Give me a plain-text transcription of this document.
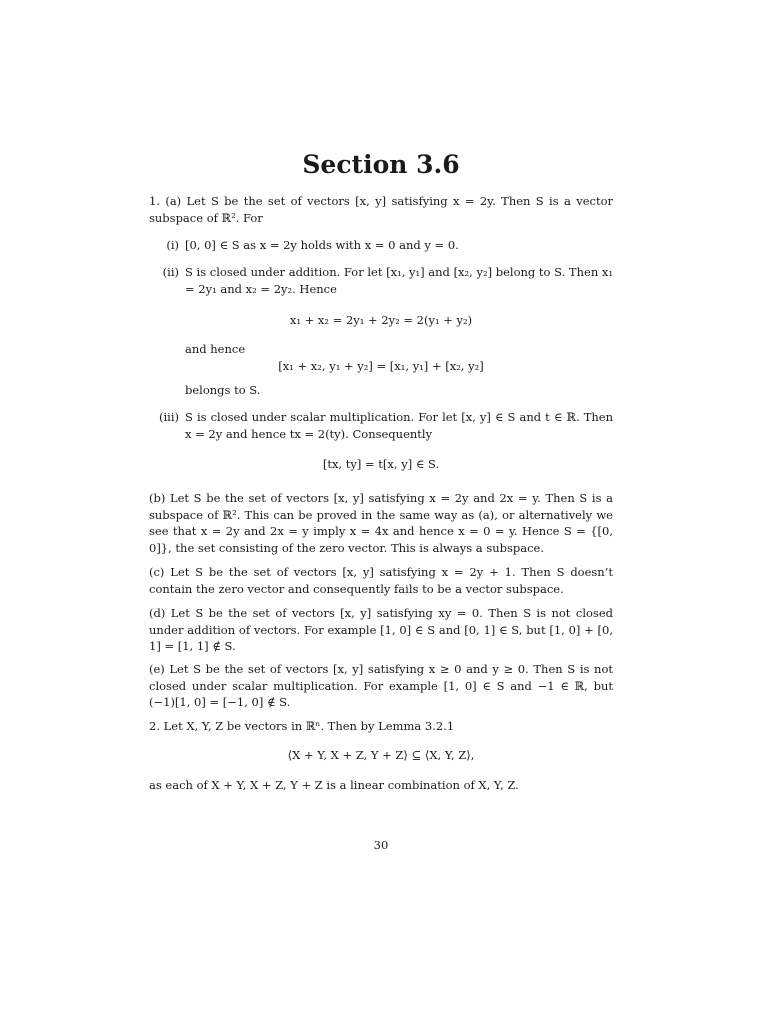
Section 3.6
1. (a) Let S be the set of vectors [x, y] satisfying x = 2y. Then S is a vector subspace of ℝ². For
(i) [0, 0] ∈ S as x = 2y holds with x = 0 and y = 0.
(ii) S is closed under addition. For let [x₁, y₁] and [x₂, y₂] belong to S. Then x₁ = 2y₁ and x₂ = 2y₂. Hence
x₁ + x₂ = 2y₁ + 2y₂ = 2(y₁ + y₂)
and hence
[x₁ + x₂, y₁ + y₂] = [x₁, y₁] + [x₂, y₂]
belongs to S.
(iii) S is closed under scalar multiplication. For let [x, y] ∈ S and t ∈ ℝ. Then x = 2y and hence tx = 2(ty). Consequently
[tx, ty] = t[x, y] ∈ S.
(b) Let S be the set of vectors [x, y] satisfying x = 2y and 2x = y. Then S is a subspace of ℝ². This can be proved in the same way as (a), or alternatively we see that x = 2y and 2x = y imply x = 4x and hence x = 0 = y. Hence S = {[0, 0]}, the set consisting of the zero vector. This is always a subspace.
(c) Let S be the set of vectors [x, y] satisfying x = 2y + 1. Then S doesn’t contain the zero vector and consequently fails to be a vector subspace.
(d) Let S be the set of vectors [x, y] satisfying xy = 0. Then S is not closed under addition of vectors. For example [1, 0] ∈ S and [0, 1] ∈ S, but [1, 0] + [0, 1] = [1, 1] ∉ S.
(e) Let S be the set of vectors [x, y] satisfying x ≥ 0 and y ≥ 0. Then S is not closed under scalar multiplication. For example [1, 0] ∈ S and −1 ∈ ℝ, but (−1)[1, 0] = [−1, 0] ∉ S.
2. Let X, Y, Z be vectors in ℝⁿ. Then by Lemma 3.2.1
⟨X + Y, X + Z, Y + Z⟩ ⊆ ⟨X, Y, Z⟩,
as each of X + Y, X + Z, Y + Z is a linear combination of X, Y, Z.
30
